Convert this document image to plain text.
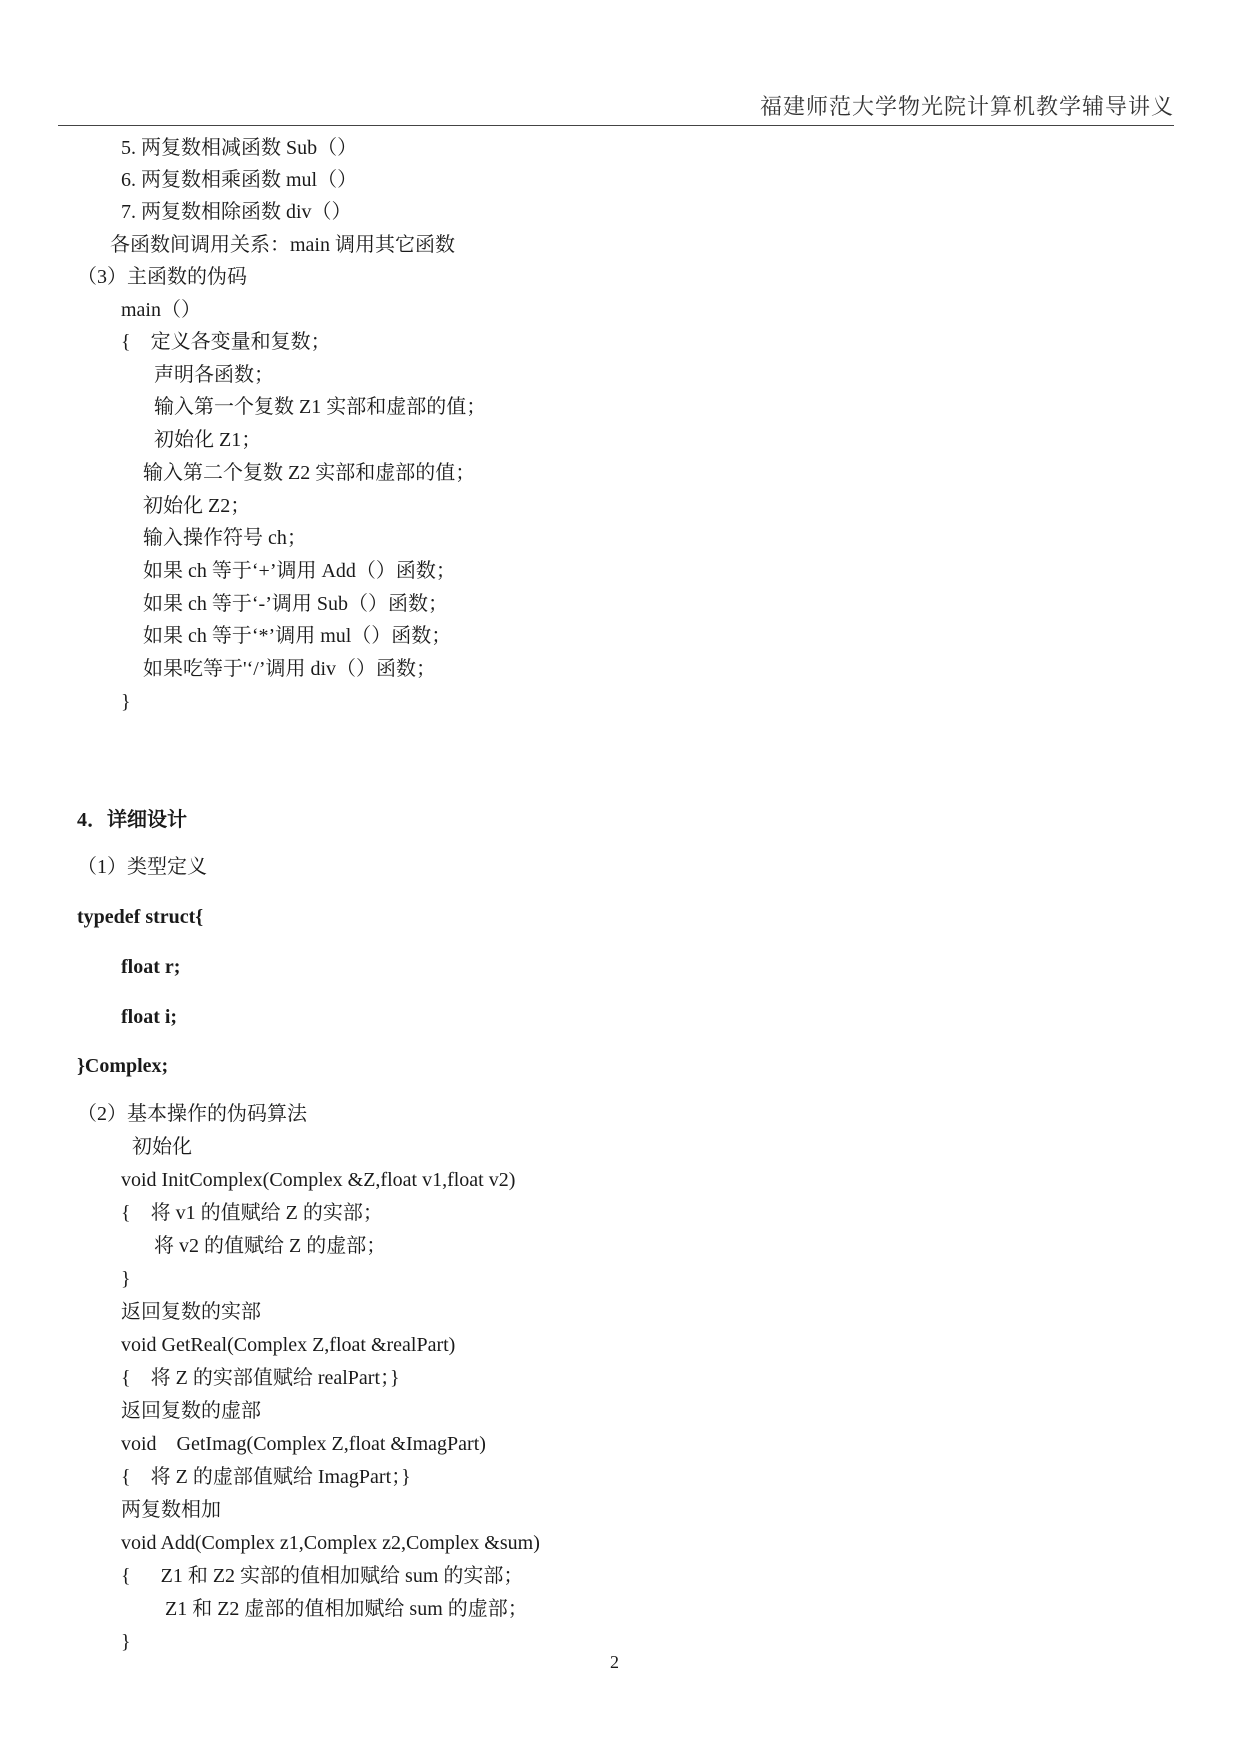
福建师范大学物光院计算机教学辅导讲义
5. 两复数相减函数 Sub（）
6. 两复数相乘函数 mul（）
7. 两复数相除函数 div（）
各函数间调用关系：main 调用其它函数
（3）主函数的伪码
main（）
{    定义各变量和复数；
声明各函数；
输入第一个复数 Z1 实部和虚部的值；
初始化 Z1；
输入第二个复数 Z2 实部和虚部的值；
初始化 Z2；
输入操作符号 ch；
如果 ch 等于‘+’调用 Add（）函数；
如果 ch 等于‘-’调用 Sub（）函数；
如果 ch 等于‘*’调用 mul（）函数；
如果吃等于'‘/’调用 div（）函数；
}
4．详细设计
（1）类型定义
typedef struct{
float r;
float i;
}Complex;
（2）基本操作的伪码算法
初始化
void InitComplex(Complex &Z,float v1,float v2)
{    将 v1 的值赋给 Z 的实部；
将 v2 的值赋给 Z 的虚部；
}
返回复数的实部
void GetReal(Complex Z,float &realPart)
{    将 Z 的实部值赋给 realPart；}
返回复数的虚部
void    GetImag(Complex Z,float &ImagPart)
{    将 Z 的虚部值赋给 ImagPart；}
两复数相加
void Add(Complex z1,Complex z2,Complex &sum)
{      Z1 和 Z2 实部的值相加赋给 sum 的实部；
Z1 和 Z2 虚部的值相加赋给 sum 的虚部；
}
2
